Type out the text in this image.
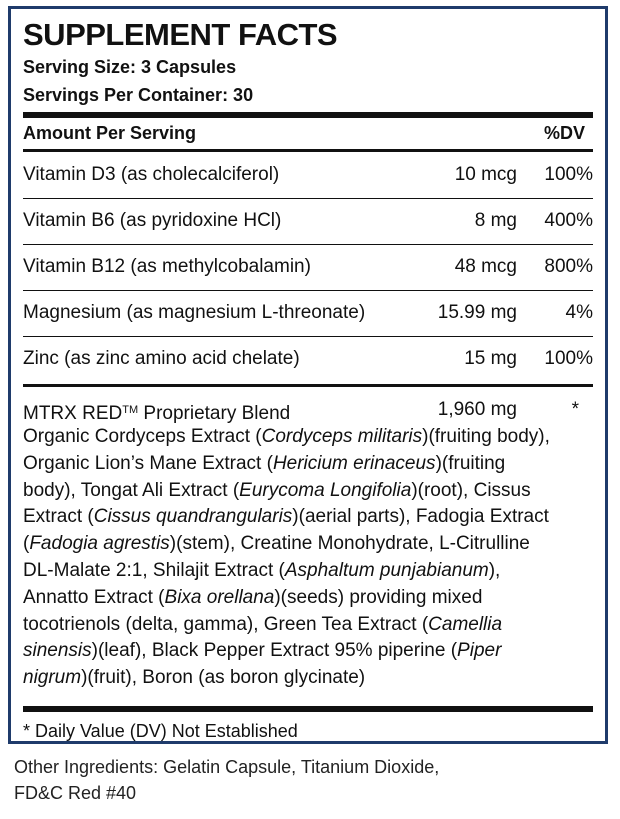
SUPPLEMENT FACTS
Serving Size: 3 Capsules
Servings Per Container: 30
Amount Per Serving	%DV
Vitamin D3 (as cholecalciferol)	10 mcg 100%
Vitamin B6 (as pyridoxine HCl)	8 mg 400%
Vitamin B12 (as methylcobalamin)	48 mcg 800%
Magnesium (as magnesium L-threonate)	15.99 mg	4%
Zinc (as zinc amino acid chelate)	15 mg 100%
MTRX RED™ Proprietary Blend	1,960 mg	*
Organic Cordyceps Extract (Cordyceps militaris)(fruiting body),
Organic Lion’s Mane Extract (Hericium erinaceus)(fruiting
body), Tongat Ali Extract (Eurycoma Longifolia)(root), Cissus
Extract (Cissus quandrangularis)(aerial parts), Fadogia Extract
(Fadogia agrestis)(stem), Creatine Monohydrate, L-Citrulline
DL-Malate 2:1, Shilajit Extract (Asphaltum punjabianum),
Annatto Extract (Bixa orellana)(seeds) providing mixed
tocotrienols (delta, gamma), Green Tea Extract (Camellia
sinensis)(leaf), Black Pepper Extract 95% piperine (Piper
nigrum)(fruit), Boron (as boron glycinate)
* Daily Value (DV) Not Established
Other Ingredients: Gelatin Capsule, Titanium Dioxide,
FD&C Red #40
